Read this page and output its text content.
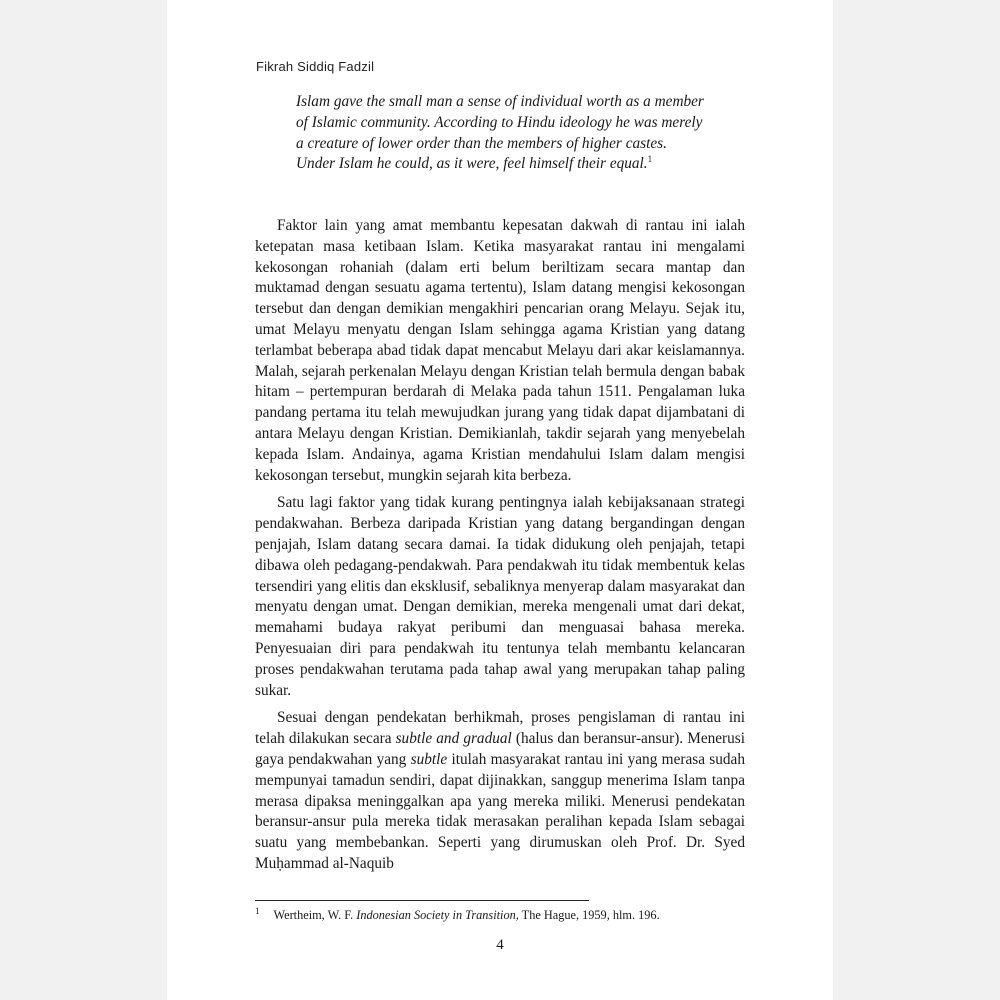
Fikrah Siddiq Fadzil

Islam gave the small man a sense of individual worth as a member of Islamic community. According to Hindu ideology he was merely a creature of lower order than the members of higher castes. Under Islam he could, as it were, feel himself their equal.$^1$

Faktor lain yang amat membantu kepesatan dakwah di rantau ini ialah ketepatan masa ketibaan Islam. Ketika masyarakat rantau ini mengalami kekosongan rohaniah (dalam erti belum beriltizam secara mantap dan muktamad dengan sesuatu agama tertentu), Islam datang mengisi kekosongan tersebut dan dengan demikian mengakhiri pencarian orang Melayu. Sejak itu, umat Melayu menyatu dengan Islam sehingga agama Kristian yang datang terlambat beberapa abad tidak dapat mencabut Melayu dari akar keislamannya. Malah, sejarah perkenalan Melayu dengan Kristian telah bermula dengan babak hitam – pertempuran berdarah di Melaka pada tahun 1511. Pengalaman luka pandang pertama itu telah mewujudkan jurang yang tidak dapat dijambatani di antara Melayu dengan Kristian. Demikianlah, takdir sejarah yang menyebelah kepada Islam. Andainya, agama Kristian mendahului Islam dalam mengisi kekosongan tersebut, mungkin sejarah kita berbeza.

Satu lagi faktor yang tidak kurang pentingnya ialah kebijaksanaan strategi pendakwahan. Berbeza daripada Kristian yang datang bergandingan dengan penjajah, Islam datang secara damai. Ia tidak didukung oleh penjajah, tetapi dibawa oleh pedagang-pendakwah. Para pendakwah itu tidak membentuk kelas tersendiri yang elitis dan eksklusif, sebaliknya menyerap dalam masyarakat dan menyatu dengan umat. Dengan demikian, mereka mengenali umat dari dekat, memahami budaya rakyat peribumi dan menguasai bahasa mereka. Penyesuaian diri para pendakwah itu tentunya telah membantu kelancaran proses pendakwahan terutama pada tahap awal yang merupakan tahap paling sukar.

Sesuai dengan pendekatan berhikmah, proses pengislaman di rantau ini telah dilakukan secara subtle and gradual (halus dan beransur-ansur). Menerusi gaya pendakwahan yang subtle itulah masyarakat rantau ini yang merasa sudah mempunyai tamadun sendiri, dapat dijinakkan, sanggup menerima Islam tanpa merasa dipaksa meninggalkan apa yang mereka miliki. Menerusi pendekatan beransur-ansur pula mereka tidak merasakan peralihan kepada Islam sebagai suatu yang membebankan. Seperti yang dirumuskan oleh Prof. Dr. Syed Muḥammad al-Naquib

$^1$ Wertheim, W. F. Indonesian Society in Transition, The Hague, 1959, hlm. 196.
4
